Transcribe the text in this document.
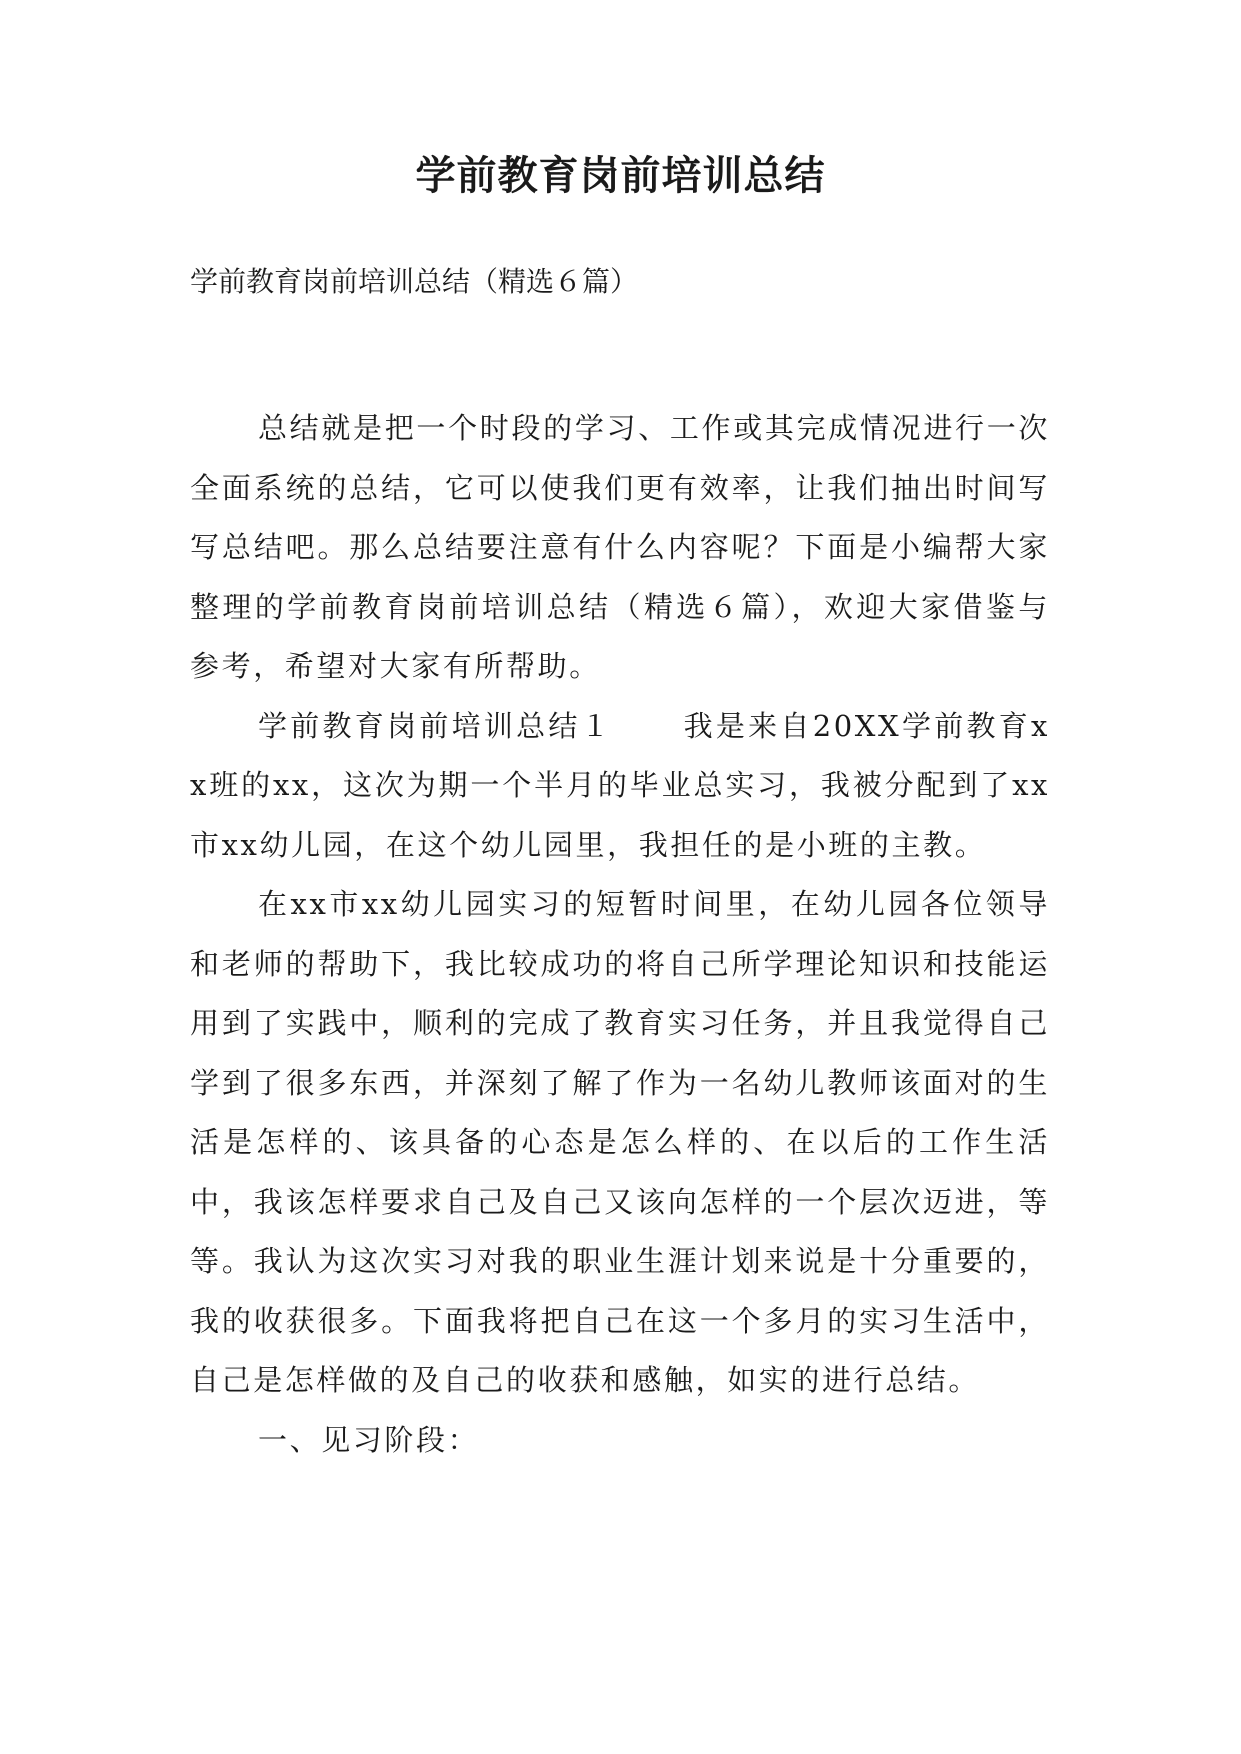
学前教育岗前培训总结

学前教育岗前培训总结（精选６篇）

总结就是把一个时段的学习、工作或其完成情况进行一次全面系统的总结，它可以使我们更有效率，让我们抽出时间写写总结吧。那么总结要注意有什么内容呢？下面是小编帮大家整理的学前教育岗前培训总结（精选６篇），欢迎大家借鉴与参考，希望对大家有所帮助。

学前教育岗前培训总结１ 我是来自20XX学前教育xx班的xx，这次为期一个半月的毕业总实习，我被分配到了xx市xx幼儿园，在这个幼儿园里，我担任的是小班的主教。

在xx市xx幼儿园实习的短暂时间里，在幼儿园各位领导和老师的帮助下，我比较成功的将自己所学理论知识和技能运用到了实践中，顺利的完成了教育实习任务，并且我觉得自己学到了很多东西，并深刻了解了作为一名幼儿教师该面对的生活是怎样的、该具备的心态是怎么样的、在以后的工作生活中，我该怎样要求自己及自己又该向怎样的一个层次迈进，等等。我认为这次实习对我的职业生涯计划来说是十分重要的，我的收获很多。下面我将把自己在这一个多月的实习生活中，自己是怎样做的及自己的收获和感触，如实的进行总结。

一、见习阶段：
